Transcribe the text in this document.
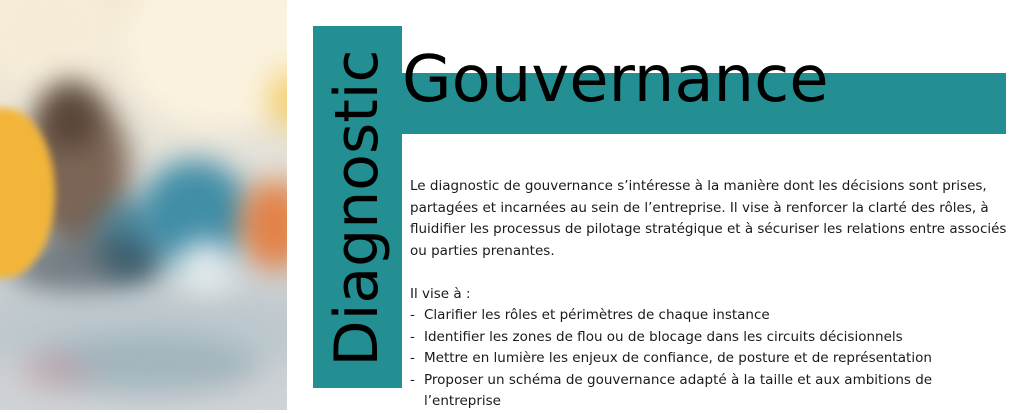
Diagnostic Gouvernance

Le diagnostic de gouvernance s’intéresse à la manière dont les décisions sont prises, partagées et incarnées au sein de l’entreprise. Il vise à renforcer la clarté des rôles, à fluidifier les processus de pilotage stratégique et à sécuriser les relations entre associés ou parties prenantes.

Il vise à :

- Clarifier les rôles et périmètres de chaque instance
- Identifier les zones de flou ou de blocage dans les circuits décisionnels
- Mettre en lumière les enjeux de confiance, de posture et de représentation
- Proposer un schéma de gouvernance adapté à la taille et aux ambitions de l’entreprise
